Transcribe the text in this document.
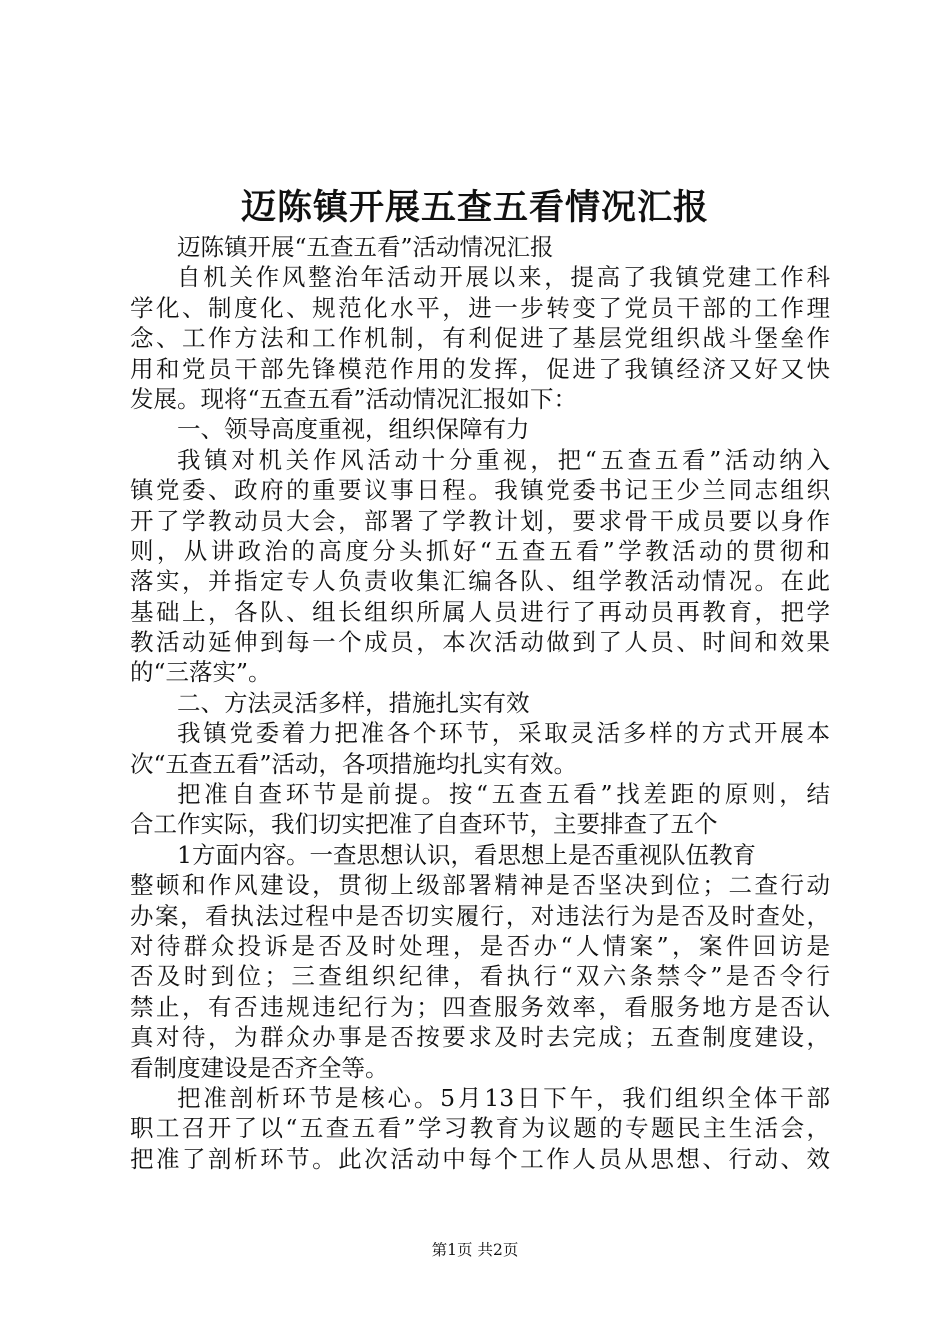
迈陈镇开展五查五看情况汇报
迈陈镇开展“五查五看”活动情况汇报
自机关作风整治年活动开展以来，提高了我镇党建工作科
学化、制度化、规范化水平，进一步转变了党员干部的工作理
念、工作方法和工作机制，有利促进了基层党组织战斗堡垒作
用和党员干部先锋模范作用的发挥，促进了我镇经济又好又快
发展。现将“五查五看”活动情况汇报如下：
一、领导高度重视，组织保障有力
我镇对机关作风活动十分重视，把“五查五看”活动纳入
镇党委、政府的重要议事日程。我镇党委书记王少兰同志组织
开了学教动员大会，部署了学教计划，要求骨干成员要以身作
则，从讲政治的高度分头抓好“五查五看”学教活动的贯彻和
落实，并指定专人负责收集汇编各队、组学教活动情况。在此
基础上，各队、组长组织所属人员进行了再动员再教育，把学
教活动延伸到每一个成员，本次活动做到了人员、时间和效果
的“三落实”。
二、方法灵活多样，措施扎实有效
我镇党委着力把准各个环节，采取灵活多样的方式开展本
次“五查五看”活动，各项措施均扎实有效。
把准自查环节是前提。按“五查五看”找差距的原则，结
合工作实际，我们切实把准了自查环节，主要排查了五个
1方面内容。一查思想认识，看思想上是否重视队伍教育
整顿和作风建设，贯彻上级部署精神是否坚决到位；二查行动
办案，看执法过程中是否切实履行，对违法行为是否及时查处，
对待群众投诉是否及时处理，是否办“人情案”，案件回访是
否及时到位；三查组织纪律，看执行“双六条禁令”是否令行
禁止，有否违规违纪行为；四查服务效率，看服务地方是否认
真对待，为群众办事是否按要求及时去完成；五查制度建设，
看制度建设是否齐全等。
把准剖析环节是核心。5月13日下午，我们组织全体干部
职工召开了以“五查五看”学习教育为议题的专题民主生活会，
把准了剖析环节。此次活动中每个工作人员从思想、行动、效
第1页 共2页
